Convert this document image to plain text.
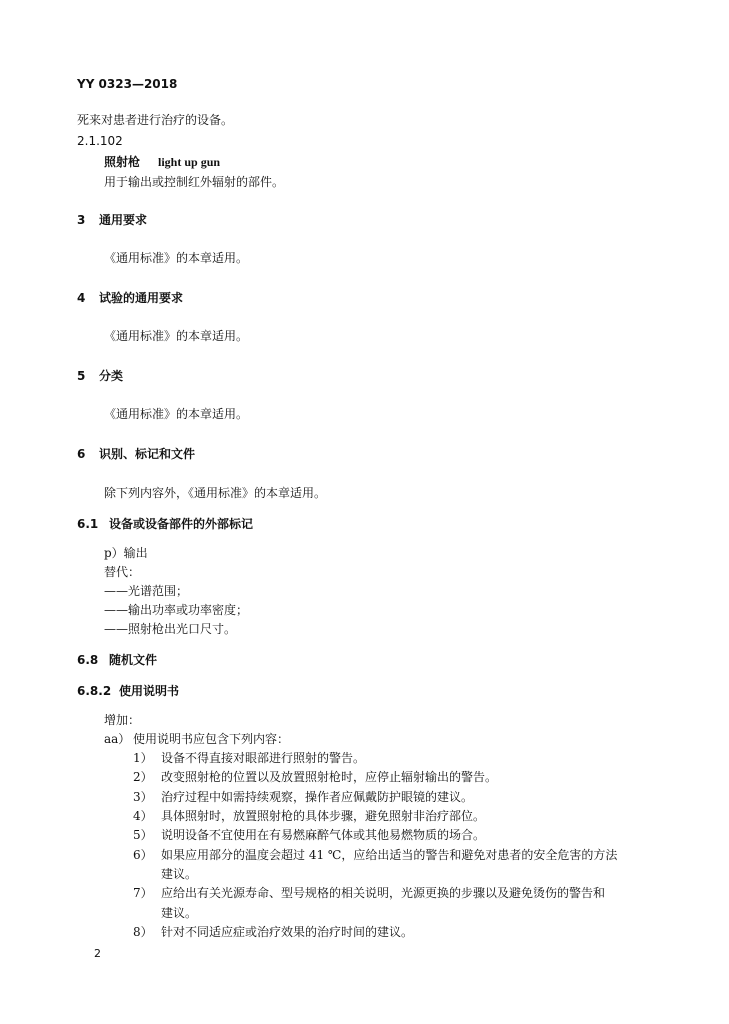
YY 0323—2018
死来对患者进行治疗的设备。
2.1.102
照射枪 light up gun
用于输出或控制红外辐射的部件。
3 通用要求
《通用标准》的本章适用。
4 试验的通用要求
《通用标准》的本章适用。
5 分类
《通用标准》的本章适用。
6 识别、标记和文件
除下列内容外，《通用标准》的本章适用。
6.1 设备或设备部件的外部标记
p）输出
替代：
——光谱范围；
——输出功率或功率密度；
——照射枪出光口尺寸。
6.8 随机文件
6.8.2 使用说明书
增加：
aa） 使用说明书应包含下列内容：
1） 设备不得直接对眼部进行照射的警告。
2） 改变照射枪的位置以及放置照射枪时，应停止辐射输出的警告。
3） 治疗过程中如需持续观察，操作者应佩戴防护眼镜的建议。
4） 具体照射时，放置照射枪的具体步骤，避免照射非治疗部位。
5） 说明设备不宜使用在有易燃麻醉气体或其他易燃物质的场合。
6） 如果应用部分的温度会超过 41 ℃，应给出适当的警告和避免对患者的安全危害的方法
建议。
7） 应给出有关光源寿命、型号规格的相关说明，光源更换的步骤以及避免烫伤的警告和
建议。
8） 针对不同适应症或治疗效果的治疗时间的建议。
2
